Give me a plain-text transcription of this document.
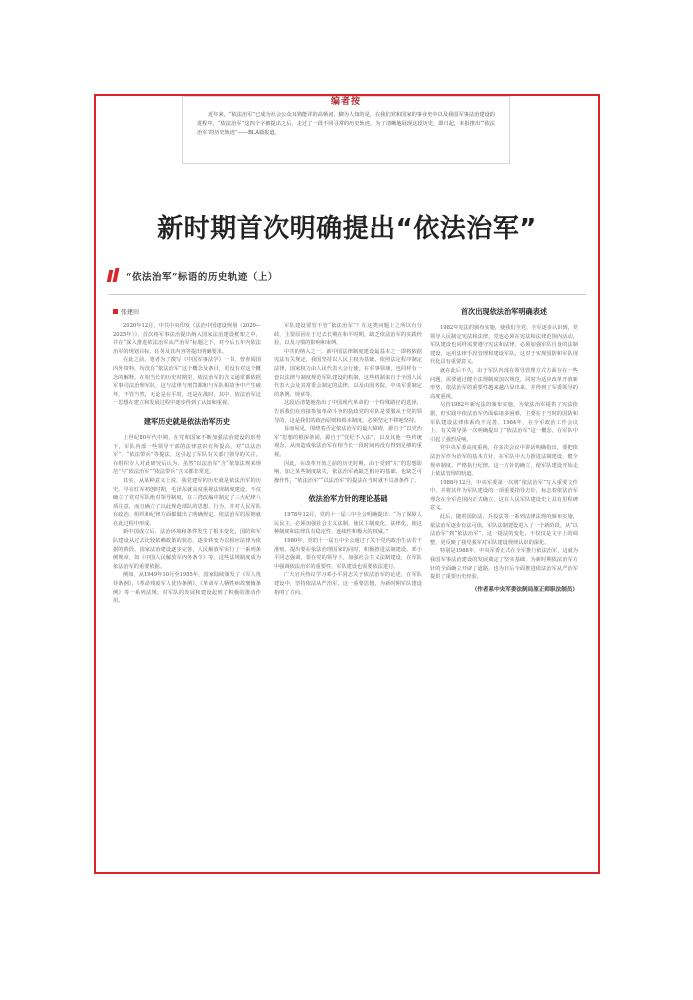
编者按

近年来，“依法治军”已成为社会公众耳熟能详的高频词、脚为人知的是，在我们党和国家的事业史中以及我国军事法治建设的进程中，“依法治军”这四个字被提出之后，走过了一段不同寻常的历史轨迹。为了清晰地展现这段历史，即日起，本报推出“‘依法治军’的历史轨迹”——BLA篇报道。

新时期首次明确提出“依法治军”
“依法治军”标语的历史轨迹（上）
张建田

2020年12月，中共中央印发《法治中国建设规划（2020—2025年）》，首次将军事法治提出纳入国家法治建设框架之中，并在“深入推进依法治军从严治军”标题之下，对今后五年内依法治军的规划目标、任务及其内容等提出明确要求。

在此之前，笔者为了撰写《中国军事法学》一书，曾查阅国内外资料，均没有“依法治军”这个概念及条目，更没有对这个概念的解释。在相当长的历史时期里，依法治军的含义通常都依据军事司法治理军队，这与法律与刑罚都和与军队相故争中产生破坏，不管当然，无论是在平时，还是在战时，其中，依法治军这一思想在建立和发展过程中逐步得到了认知和重视。

建军历史就是依法治军历史

上世纪80年代中期，在党和国家不断加强法治建设的形势下，军队内部一些领导干部的法律意识有所提高，对“以法治军”、“依法带兵”等提法，这引起了军队有关部门领导的关注。在组织专人对此研究后认为，虽然“以法治军”含“依靠法规来规范”与“依法治军”“依法带兵”含义都非常近。

其实，从某种意义上说，我党建军的历史就是依法治军的历史。早在红军初创时期，毛泽东就高度重视法规制度建设，不仅确立了党对军队绝对领导制度，在三湾改编中制定了三大纪律八项注意，而且确立了以此规范部队的思想、行为，并对人民军队在政治、组织和纪律方面都做出了明确规定。依法治军的原则就在此过程中形成。

新中国成立后，法治环境和条件发生了根本变化，国防和军队建设从过去比较依赖政策的状态，逐步转变为以相应法律为依据的阶段。国家法治建设逐步完善，人民解放军实行了一系列条例规章，如《中国人民解放军内务条令》等。这些法规制度成为依法治军的重要依据。

例如，从1949年10月至1955年，国家陆续颁发了《军人优待条例》、《革命残废军人优待条例》、《革命军人牺牲病故褒恤条例》等一系列法规，对军队的发展和建设起到了积极的推动作用。

军队建设要管不管“依法治军”？在这类问题上之所以有分歧，主要原因在于过去长期在和平时期，缺乏依法治军的实践经验，以及习惯的影响和束缚。

中共的纳入之一，新中国法律制度建设最基本之一即将依据宪法有关规定，我国坚持以人民主权为基础，依照法定程序制定法律，国家权力由人民代表大会行使。在军事领域，也同样有一套以法律与制度规范军队建设的机制，这些机制来自于全国人民代表大会及其常委会制定的法律，以及由国务院、中央军委制定的条例、规章等。

这段话清楚地指出了中国现代革命的一个特殊路径的选择，告诉我们在直接参加革命斗争的执政党的军队是要服从于党的领导的，这是我们的政治原则和根本制度，必须坚定不移地坚持。

显而易见，围绕着否定依法治军的最大障碍，源自于“以党治军”思想的根深蒂固，源自于“党纪不入法”，以及其他一些传统观念，从而造成依法治军在相当长一段时间内没有得到足够的重视。

因此，在改革开放之前的历史时期，由于受到“左”的思想影响，加之某些制度缺失，依法治军就缺乏相应的基础，也缺乏可操作性，“依法治军”“以法治军”的提法在当时就不具备条件了。

依法治军方针的理论基础

1978年12月，党的十一届三中全会明确提出：“为了保障人民民主，必须加强社会主义法制，使民主制度化、法律化，使这种制度和法律具有稳定性、连续性和极大的权威。”

1980年，党的十一届五中全会通过了关于党内政治生活若干准则，提出要在依法治理国家的同时，积极推进法制建设。邓小平同志强调，要在党的领导下，加强社会主义法制建设，在军队中强调依法治军的重要性，军队建设也需要依法进行。

广大官兵热议学习邓小平同志关于依法治军的论述，在军队建设中，坚持依法从严治军，这一重要思想，为新时期军队建设指明了方向。

首次出现依法治军明确表述

1982年宪法的颁布实施，使我们全党、全军逐步认识到，党领导人民制定宪法和法律，党也必须在宪法和法律范围内活动。军队建设也同样需要遵守宪法和法律，必须加强军队自身的法制建设，运用法律手段管理和建设军队，这对于实现国防和军队现代化具有重要意义。

就在此后不久，由于军队内部在领导管理方式方面存在一些问题，需要通过健全法规制度加以规范，同时为适应改革开放新形势，依法治军的重要性越来越凸显出来，并得到了军委领导的高度重视。

尽管1982年新宪法的颁布实施，为依法治军提供了宪法依据，但实践中依法治军仍面临诸多困难，主要在于当时的国防和军队建设法律体系尚不完善。1984年，在全军政治工作会议上，有关领导第一次明确提出了“依法治军”这一概念，在军队中引起了强烈反响。

党中央军委高度重视，在多次会议中讲话明确指出，要把依法治军作为治军的基本方针，在军队中大力推进法制建设，健全规章制度，严格执行纪律。这一方针的确立，使军队建设开始走上依法管理的轨道。

1988年12月，中央军委第一次将“依法治军”写入重要文件中，并将其作为军队建设的一项重要指导方针，标志着依法治军理念在全军范围内正式确立，这在人民军队建设史上具有里程碑意义。

此后，随着国防法、兵役法等一系列法律法规的颁布实施，依法治军逐步有法可依，军队法制建设进入了一个新阶段。从“以法治军”到“依法治军”，这一提法的变化，不仅仅是文字上的调整，更反映了我党我军对军队建设规律认识的深化。

特别是1988年，中央军委正式在全军推行依法治军，这就为我国军事法治建设的发展奠定了坚实基础，为新时期依法治军方针的全面确立开辟了道路，也为日后全面推进依法治军从严治军提供了重要历史经验。

（作者系中央军委法制局原正师职法制员）
